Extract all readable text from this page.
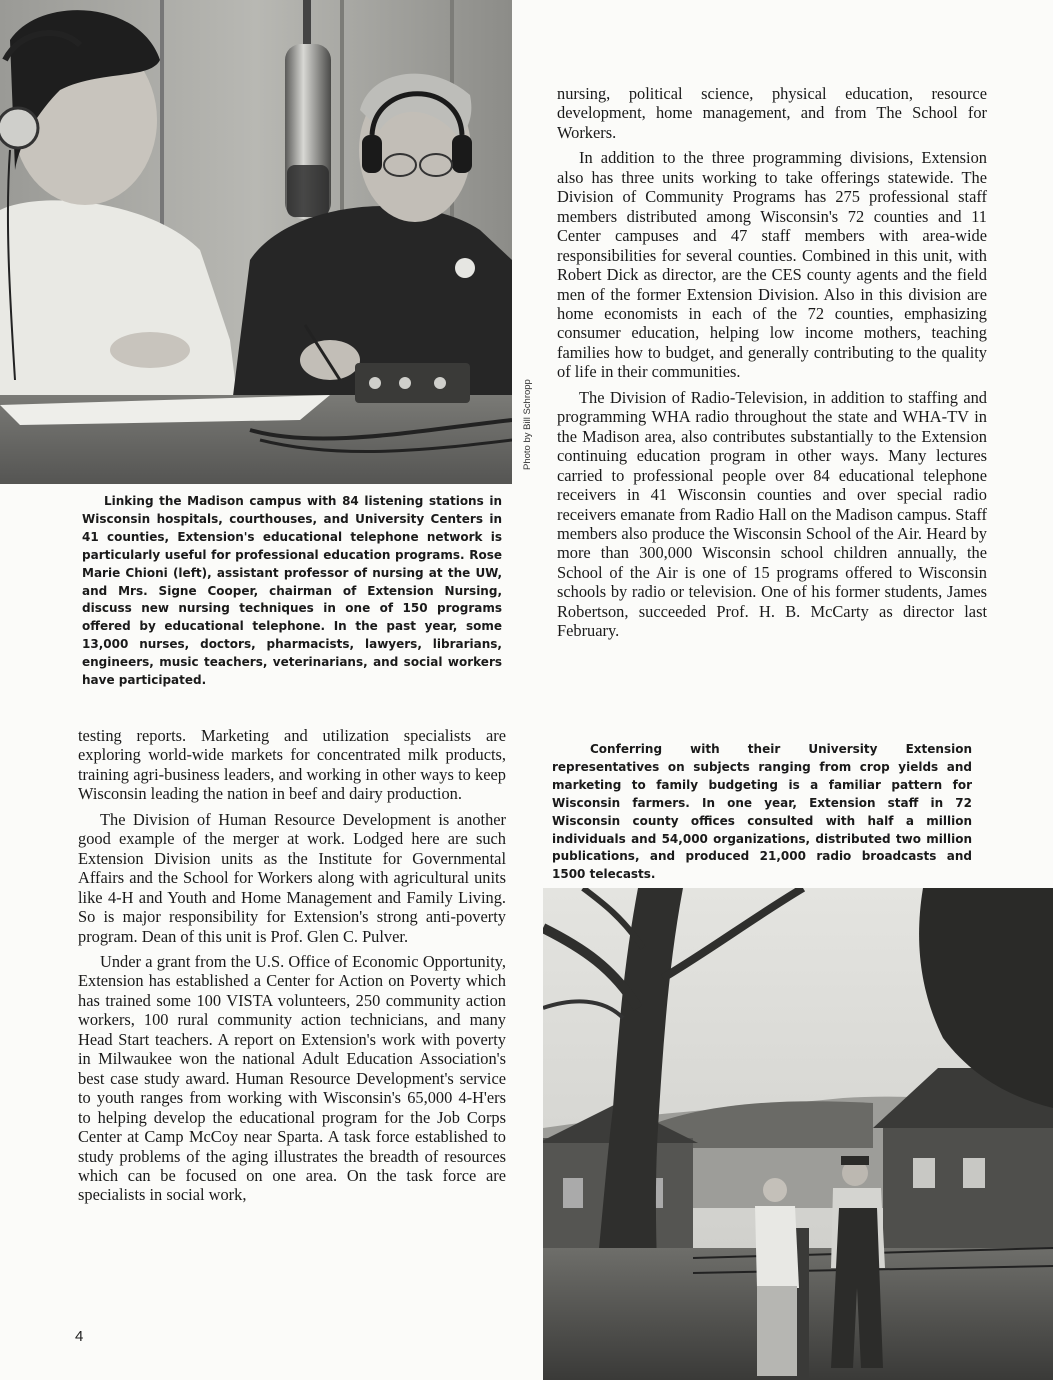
Photo by Bill Schropp

Linking the Madison campus with 84 listening stations in Wisconsin hospitals, courthouses, and University Centers in 41 counties, Extension's educational telephone network is particularly useful for professional education programs. Rose Marie Chioni (left), assistant professor of nursing at the UW, and Mrs. Signe Cooper, chairman of Extension Nursing, discuss new nursing techniques in one of 150 programs offered by educational telephone. In the past year, some 13,000 nurses, doctors, pharmacists, lawyers, librarians, engineers, music teachers, veterinarians, and social workers have participated.

testing reports. Marketing and utilization specialists are exploring world-wide markets for concentrated milk products, training agri-business leaders, and working in other ways to keep Wisconsin leading the nation in beef and dairy production.

The Division of Human Resource Development is another good example of the merger at work. Lodged here are such Extension Division units as the Institute for Governmental Affairs and the School for Workers along with agricultural units like 4-H and Youth and Home Management and Family Living. So is major responsibility for Extension's strong anti-poverty program. Dean of this unit is Prof. Glen C. Pulver.

Under a grant from the U.S. Office of Economic Opportunity, Extension has established a Center for Action on Poverty which has trained some 100 VISTA volunteers, 250 community action workers, 100 rural community action technicians, and many Head Start teachers. A report on Extension's work with poverty in Milwaukee won the national Adult Education Association's best case study award. Human Resource Development's service to youth ranges from working with Wisconsin's 65,000 4-H'ers to helping develop the educational program for the Job Corps Center at Camp McCoy near Sparta. A task force established to study problems of the aging illustrates the breadth of resources which can be focused on one area. On the task force are specialists in social work,

nursing, political science, physical education, resource development, home management, and from The School for Workers.

In addition to the three programming divisions, Extension also has three units working to take offerings statewide. The Division of Community Programs has 275 professional staff members distributed among Wisconsin's 72 counties and 11 Center campuses and 47 staff members with area-wide responsibilities for several counties. Combined in this unit, with Robert Dick as director, are the CES county agents and the field men of the former Extension Division. Also in this division are home economists in each of the 72 counties, emphasizing consumer education, helping low income mothers, teaching families how to budget, and generally contributing to the quality of life in their communities.

The Division of Radio-Television, in addition to staffing and programming WHA radio throughout the state and WHA-TV in the Madison area, also contributes substantially to the Extension continuing education program in other ways. Many lectures carried to professional people over 84 educational telephone receivers in 41 Wisconsin counties and over special radio receivers emanate from Radio Hall on the Madison campus. Staff members also produce the Wisconsin School of the Air. Heard by more than 300,000 Wisconsin school children annually, the School of the Air is one of 15 programs offered to Wisconsin schools by radio or television. One of his former students, James Robertson, succeeded Prof. H. B. McCarty as director last February.

Conferring with their University Extension representatives on subjects ranging from crop yields and marketing to family budgeting is a familiar pattern for Wisconsin farmers. In one year, Extension staff in 72 Wisconsin county offices consulted with half a million individuals and 54,000 organizations, distributed two million publications, and produced 21,000 radio broadcasts and 1500 telecasts.

4
